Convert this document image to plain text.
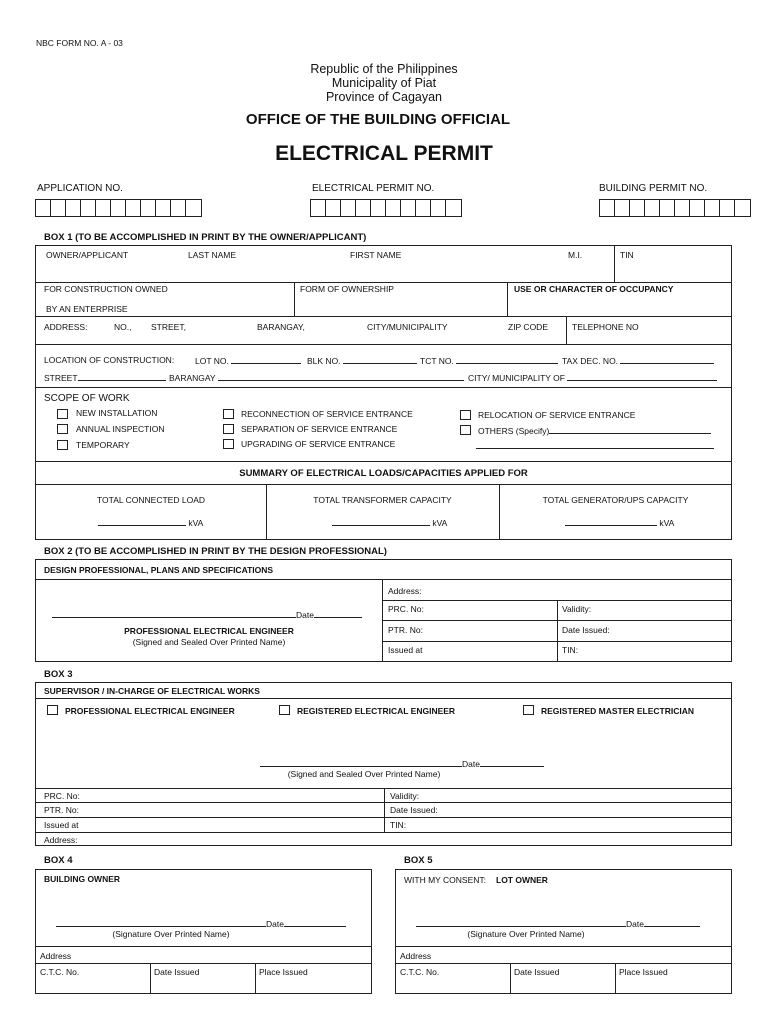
NBC FORM NO. A - 03
Republic of the Philippines
Municipality of Piat
Province of Cagayan
OFFICE OF THE BUILDING OFFICIAL
ELECTRICAL PERMIT
APPLICATION NO.	ELECTRICAL PERMIT NO.	BUILDING PERMIT NO.
BOX 1 (TO BE ACCOMPLISHED IN PRINT BY THE OWNER/APPLICANT)
OWNER/APPLICANT	LAST NAME	FIRST NAME	M.I.	TIN
FOR CONSTRUCTION OWNED
BY AN ENTERPRISE
FORM OF OWNERSHIP	USE OR CHARACTER OF OCCUPANCY
ADDRESS:	NO., STREET,	BARANGAY,	CITY/MUNICIPALITY	ZIP CODE	TELEPHONE NO
LOCATION OF CONSTRUCTION: LOT NO.	BLK NO.	TCT NO.	TAX DEC. NO.
STREET	BARANGAY	CITY/ MUNICIPALITY OF
SCOPE OF WORK
NEW INSTALLATION
ANNUAL INSPECTION
TEMPORARY
RECONNECTION OF SERVICE ENTRANCE
SEPARATION OF SERVICE ENTRANCE
UPGRADING OF SERVICE ENTRANCE
RELOCATION OF SERVICE ENTRANCE
OTHERS (Specify)
SUMMARY OF ELECTRICAL LOADS/CAPACITIES APPLIED FOR
TOTAL CONNECTED LOAD	TOTAL TRANSFORMER CAPACITY	TOTAL GENERATOR/UPS CAPACITY
kVA	kVA	kVA
BOX 2 (TO BE ACCOMPLISHED IN PRINT BY THE DESIGN PROFESSIONAL)
DESIGN PROFESSIONAL, PLANS AND SPECIFICATIONS
Date
PROFESSIONAL ELECTRICAL ENGINEER
(Signed and Sealed Over Printed Name)
Address:
PRC. No:	Validity:
PTR. No:	Date Issued:
Issued at	TIN:
BOX 3
SUPERVISOR / IN-CHARGE OF ELECTRICAL WORKS
PROFESSIONAL ELECTRICAL ENGINEER	REGISTERED ELECTRICAL ENGINEER	REGISTERED MASTER ELECTRICIAN
Date
(Signed and Sealed Over Printed Name)
PRC. No:	Validity:
PTR. No:	Date Issued:
Issued at	TIN:
Address:
BOX 4
BUILDING OWNER
Date
(Signature Over Printed Name)
Address
C.T.C. No.	Date Issued	Place Issued
BOX 5
WITH MY CONSENT: LOT OWNER
Date
(Signature Over Printed Name)
Address
C.T.C. No.	Date Issued	Place Issued
